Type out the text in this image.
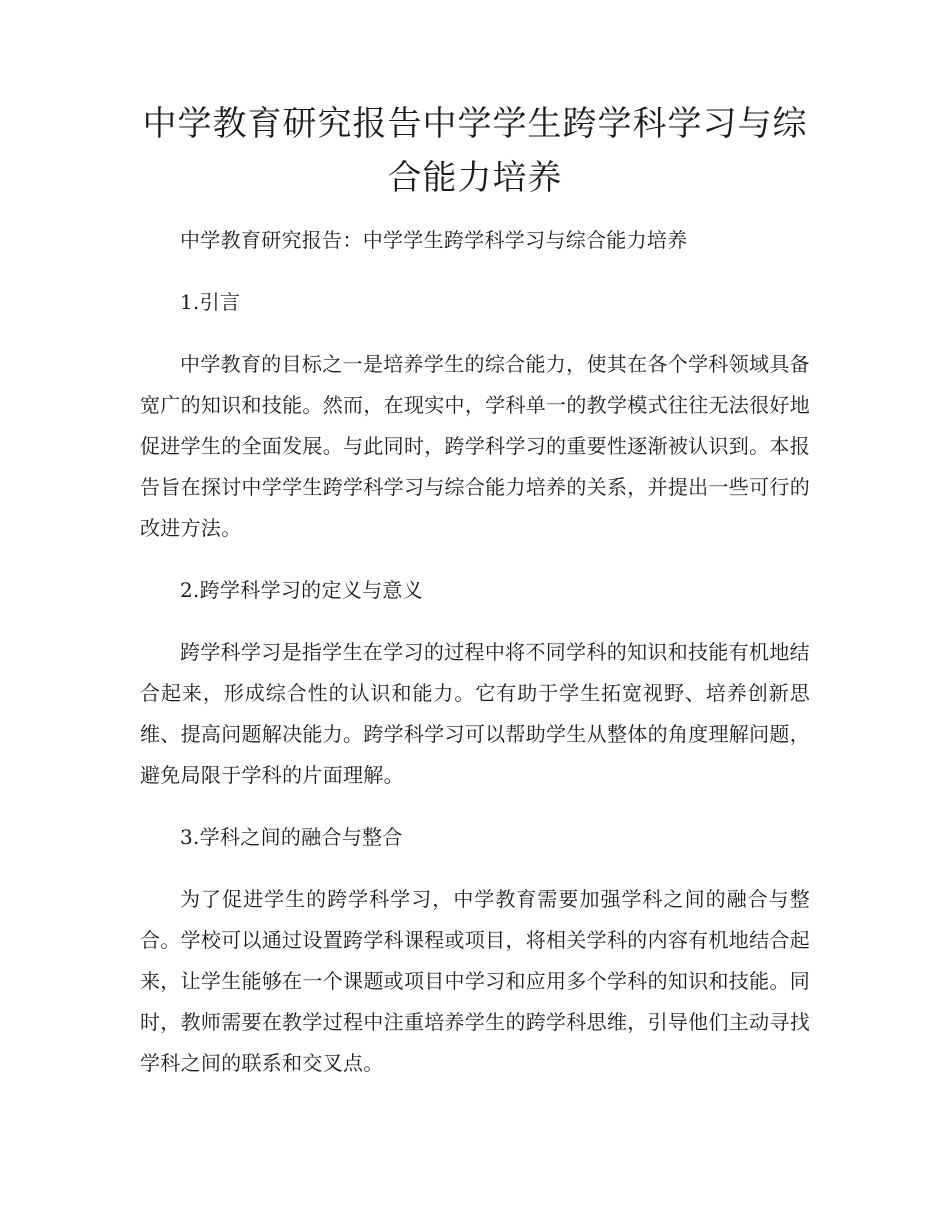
中学教育研究报告中学学生跨学科学习与综合能力培养

中学教育研究报告：中学学生跨学科学习与综合能力培养

1.引言

中学教育的目标之一是培养学生的综合能力，使其在各个学科领域具备宽广的知识和技能。然而，在现实中，学科单一的教学模式往往无法很好地促进学生的全面发展。与此同时，跨学科学习的重要性逐渐被认识到。本报告旨在探讨中学学生跨学科学习与综合能力培养的关系，并提出一些可行的改进方法。

2.跨学科学习的定义与意义

跨学科学习是指学生在学习的过程中将不同学科的知识和技能有机地结合起来，形成综合性的认识和能力。它有助于学生拓宽视野、培养创新思维、提高问题解决能力。跨学科学习可以帮助学生从整体的角度理解问题，避免局限于学科的片面理解。

3.学科之间的融合与整合

为了促进学生的跨学科学习，中学教育需要加强学科之间的融合与整合。学校可以通过设置跨学科课程或项目，将相关学科的内容有机地结合起来，让学生能够在一个课题或项目中学习和应用多个学科的知识和技能。同时，教师需要在教学过程中注重培养学生的跨学科思维，引导他们主动寻找学科之间的联系和交叉点。
